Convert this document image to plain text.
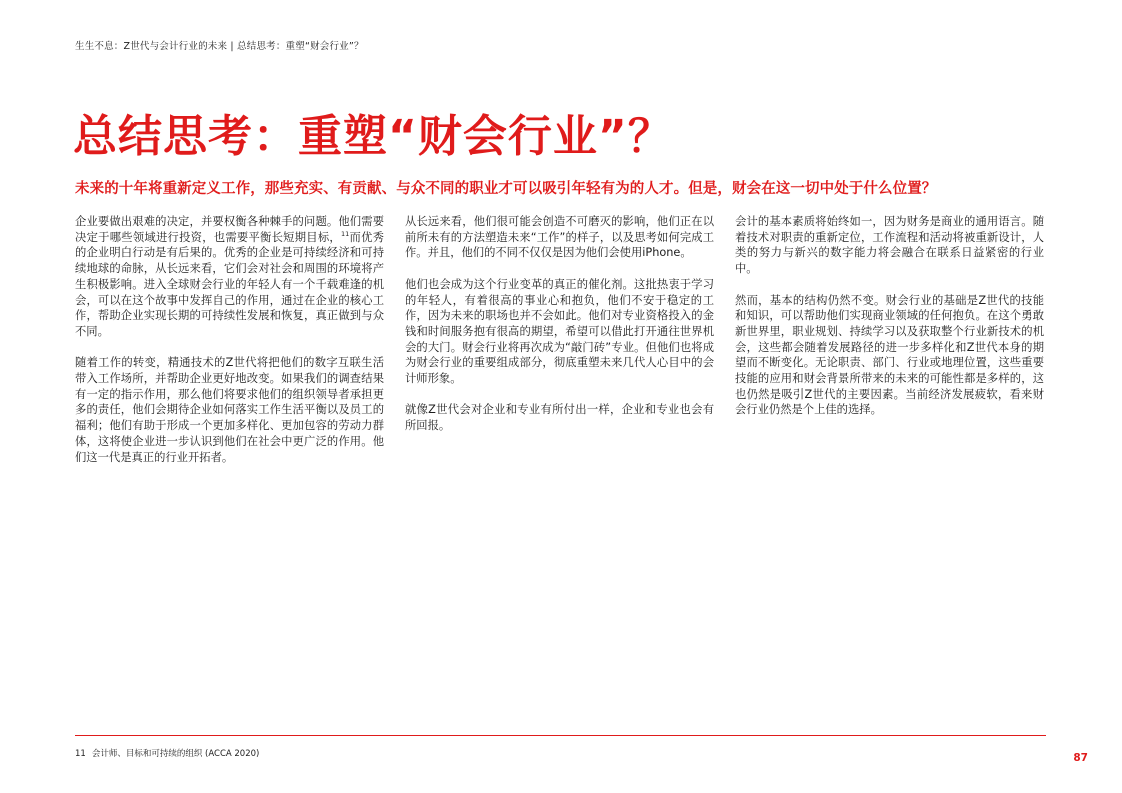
生生不息：Z世代与会计行业的未来 | 总结思考：重塑“财会行业”？
总结思考：重塑“财会行业”？
未来的十年将重新定义工作，那些充实、有贡献、与众不同的职业才可以吸引年轻有为的人才。但是，财会在这一切中处于什么位置？

企业要做出艰难的决定，并要权衡各种棘手的问题。他们需要决定于哪些领域进行投资，也需要平衡长短期目标，$^{11}$而优秀的企业明白行动是有后果的。优秀的企业是可持续经济和可持续地球的命脉，从长远来看，它们会对社会和周围的环境将产生积极影响。进入全球财会行业的年轻人有一个千载难逢的机会，可以在这个故事中发挥自己的作用，通过在企业的核心工作，帮助企业实现长期的可持续性发展和恢复，真正做到与众不同。

随着工作的转变，精通技术的Z世代将把他们的数字互联生活带入工作场所，并帮助企业更好地改变。如果我们的调查结果有一定的指示作用，那么他们将要求他们的组织领导者承担更多的责任，他们会期待企业如何落实工作生活平衡以及员工的福利；他们有助于形成一个更加多样化、更加包容的劳动力群体，这将使企业进一步认识到他们在社会中更广泛的作用。他们这一代是真正的行业开拓者。

从长远来看，他们很可能会创造不可磨灭的影响，他们正在以前所未有的方法塑造未来“工作”的样子，以及思考如何完成工作。并且，他们的不同不仅仅是因为他们会使用iPhone。

他们也会成为这个行业变革的真正的催化剂。这批热衷于学习的年轻人，有着很高的事业心和抱负，他们不安于稳定的工作，因为未来的职场也并不会如此。他们对专业资格投入的金钱和时间服务抱有很高的期望，希望可以借此打开通往世界机会的大门。财会行业将再次成为“敲门砖”专业。但他们也将成为财会行业的重要组成部分，彻底重塑未来几代人心目中的会计师形象。

就像Z世代会对企业和专业有所付出一样，企业和专业也会有所回报。

会计的基本素质将始终如一，因为财务是商业的通用语言。随着技术对职责的重新定位，工作流程和活动将被重新设计，人类的努力与新兴的数字能力将会融合在联系日益紧密的行业中。

然而，基本的结构仍然不变。财会行业的基础是Z世代的技能和知识，可以帮助他们实现商业领域的任何抱负。在这个勇敢新世界里，职业规划、持续学习以及获取整个行业新技术的机会，这些都会随着发展路径的进一步多样化和Z世代本身的期望而不断变化。无论职责、部门、行业或地理位置，这些重要技能的应用和财会背景所带来的未来的可能性都是多样的，这也仍然是吸引Z世代的主要因素。当前经济发展疲软，看来财会行业仍然是个上佳的选择。

11 会计师、目标和可持续的组织 (ACCA 2020)	87
